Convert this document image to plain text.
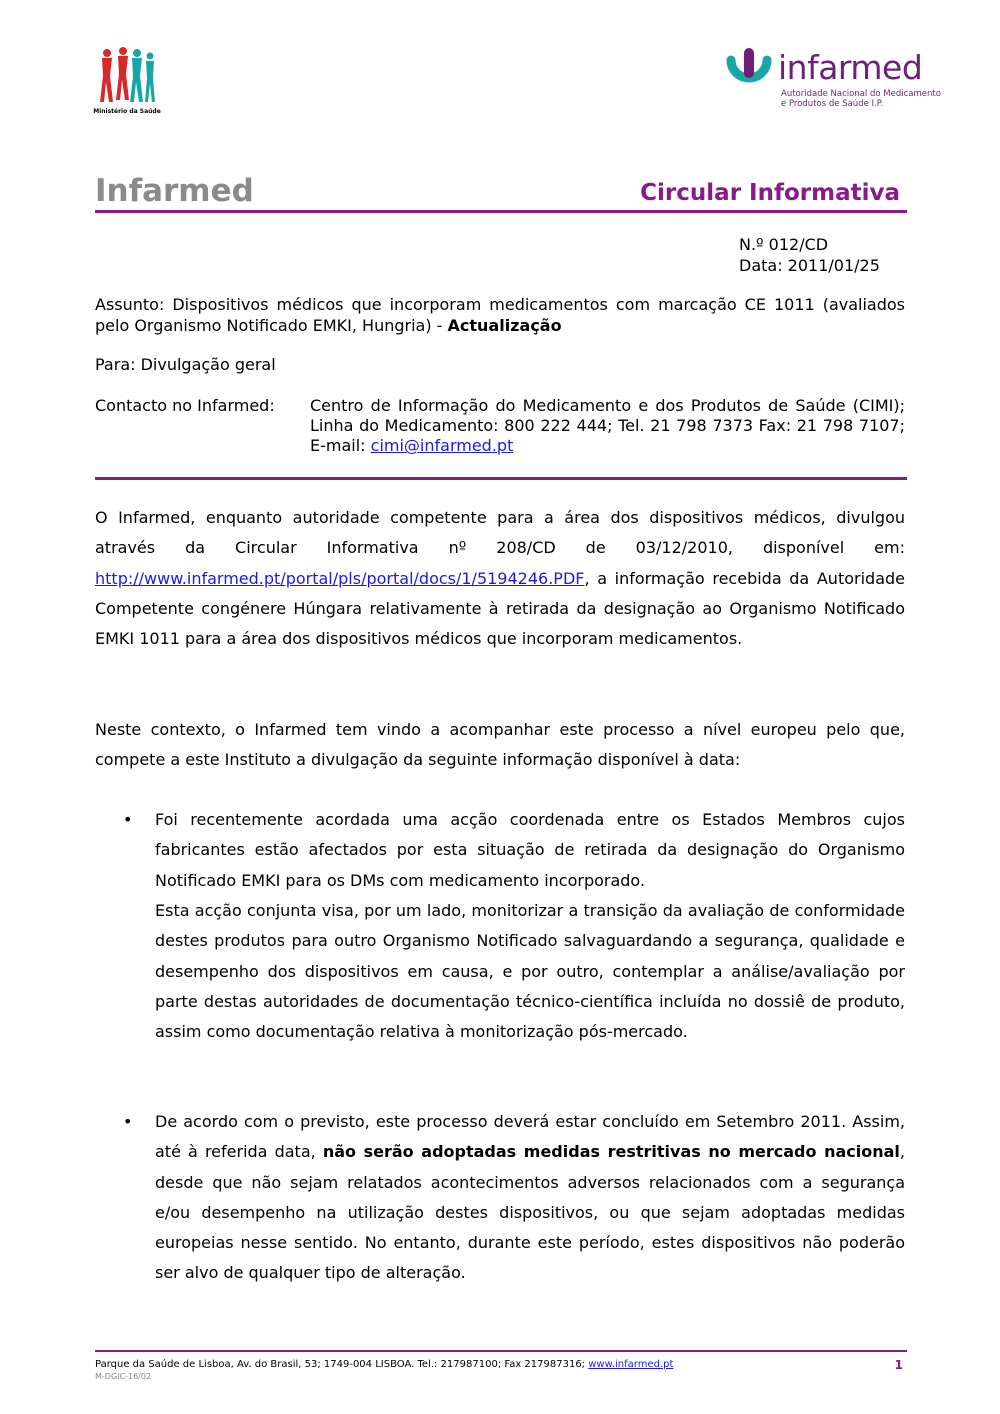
Ministério da Saúde
infarmed
Autoridade Nacional do Medicamento
e Produtos de Saúde I.P.
Infarmed	Circular Informativa
N.º 012/CD
Data: 2011/01/25
Assunto: Dispositivos médicos que incorporam medicamentos com marcação CE 1011 (avaliados pelo Organismo Notificado EMKI, Hungria) - Actualização
Para: Divulgação geral
Contacto no Infarmed: Centro de Informação do Medicamento e dos Produtos de Saúde (CIMI); Linha do Medicamento: 800 222 444; Tel. 21 798 7373 Fax: 21 798 7107; E-mail: cimi@infarmed.pt
O Infarmed, enquanto autoridade competente para a área dos dispositivos médicos, divulgou através da Circular Informativa nº 208/CD de 03/12/2010, disponível em: http://www.infarmed.pt/portal/pls/portal/docs/1/5194246.PDF, a informação recebida da Autoridade Competente congénere Húngara relativamente à retirada da designação ao Organismo Notificado EMKI 1011 para a área dos dispositivos médicos que incorporam medicamentos.
Neste contexto, o Infarmed tem vindo a acompanhar este processo a nível europeu pelo que, compete a este Instituto a divulgação da seguinte informação disponível à data:
• Foi recentemente acordada uma acção coordenada entre os Estados Membros cujos fabricantes estão afectados por esta situação de retirada da designação do Organismo Notificado EMKI para os DMs com medicamento incorporado.
Esta acção conjunta visa, por um lado, monitorizar a transição da avaliação de conformidade destes produtos para outro Organismo Notificado salvaguardando a segurança, qualidade e desempenho dos dispositivos em causa, e por outro, contemplar a análise/avaliação por parte destas autoridades de documentação técnico-científica incluída no dossiê de produto, assim como documentação relativa à monitorização pós-mercado.
• De acordo com o previsto, este processo deverá estar concluído em Setembro 2011. Assim, até à referida data, não serão adoptadas medidas restritivas no mercado nacional, desde que não sejam relatados acontecimentos adversos relacionados com a segurança e/ou desempenho na utilização destes dispositivos, ou que sejam adoptadas medidas europeias nesse sentido. No entanto, durante este período, estes dispositivos não poderão ser alvo de qualquer tipo de alteração.
Parque da Saúde de Lisboa, Av. do Brasil, 53; 1749-004 LISBOA. Tel.: 217987100; Fax 217987316; www.infarmed.pt
M-DGIC-16/02
1
